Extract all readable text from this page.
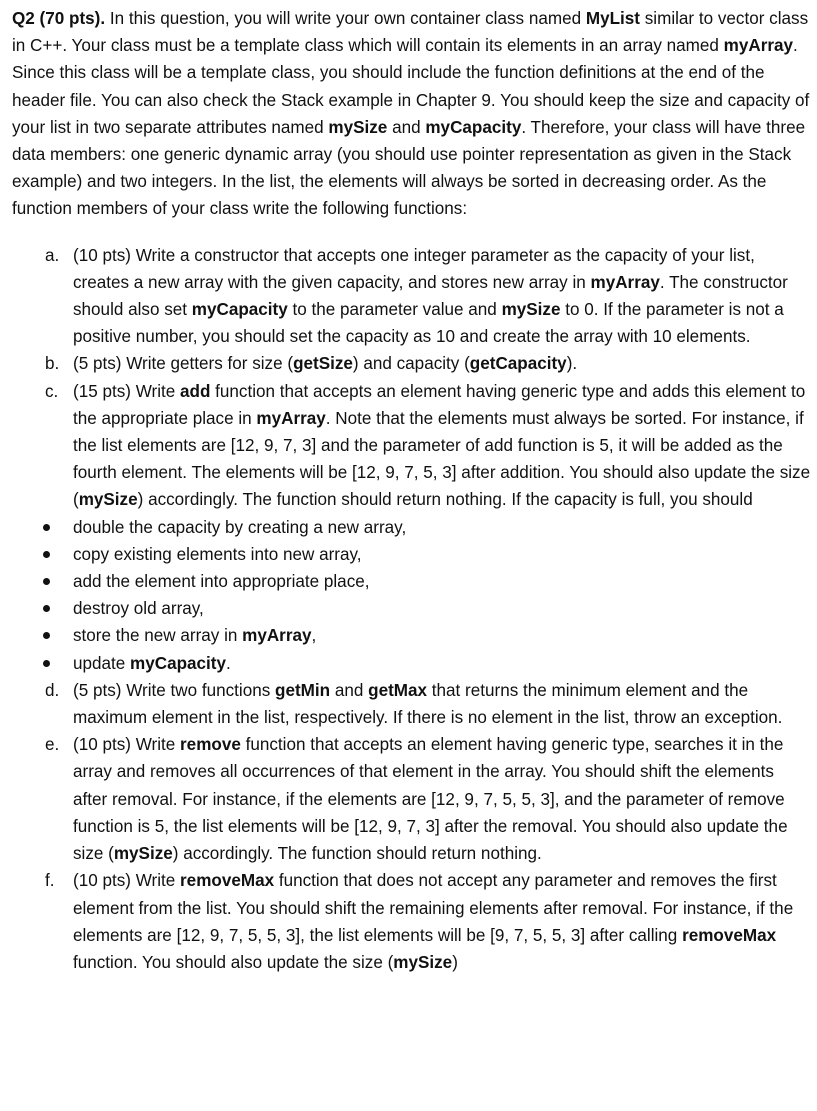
Q2 (70 pts). In this question, you will write your own container class named MyList similar to vector class in C++. Your class must be a template class which will contain its elements in an array named myArray. Since this class will be a template class, you should include the function definitions at the end of the header file. You can also check the Stack example in Chapter 9. You should keep the size and capacity of your list in two separate attributes named mySize and myCapacity. Therefore, your class will have three data members: one generic dynamic array (you should use pointer representation as given in the Stack example) and two integers. In the list, the elements will always be sorted in decreasing order. As the function members of your class write the following functions:

a. (10 pts) Write a constructor that accepts one integer parameter as the capacity of your list, creates a new array with the given capacity, and stores new array in myArray. The constructor should also set myCapacity to the parameter value and mySize to 0. If the parameter is not a positive number, you should set the capacity as 10 and create the array with 10 elements.
b. (5 pts) Write getters for size (getSize) and capacity (getCapacity).
c. (15 pts) Write add function that accepts an element having generic type and adds this element to the appropriate place in myArray. Note that the elements must always be sorted. For instance, if the list elements are [12, 9, 7, 3] and the parameter of add function is 5, it will be added as the fourth element. The elements will be [12, 9, 7, 5, 3] after addition. You should also update the size (mySize) accordingly. The function should return nothing. If the capacity is full, you should
double the capacity by creating a new array,
copy existing elements into new array,
add the element into appropriate place,
destroy old array,
store the new array in myArray,
update myCapacity.
d. (5 pts) Write two functions getMin and getMax that returns the minimum element and the maximum element in the list, respectively. If there is no element in the list, throw an exception.
e. (10 pts) Write remove function that accepts an element having generic type, searches it in the array and removes all occurrences of that element in the array. You should shift the elements after removal. For instance, if the elements are [12, 9, 7, 5, 5, 3], and the parameter of remove function is 5, the list elements will be [12, 9, 7, 3] after the removal. You should also update the size (mySize) accordingly. The function should return nothing.
f. (10 pts) Write removeMax function that does not accept any parameter and removes the first element from the list. You should shift the remaining elements after removal. For instance, if the elements are [12, 9, 7, 5, 5, 3], the list elements will be [9, 7, 5, 5, 3] after calling removeMax function. You should also update the size (mySize)
